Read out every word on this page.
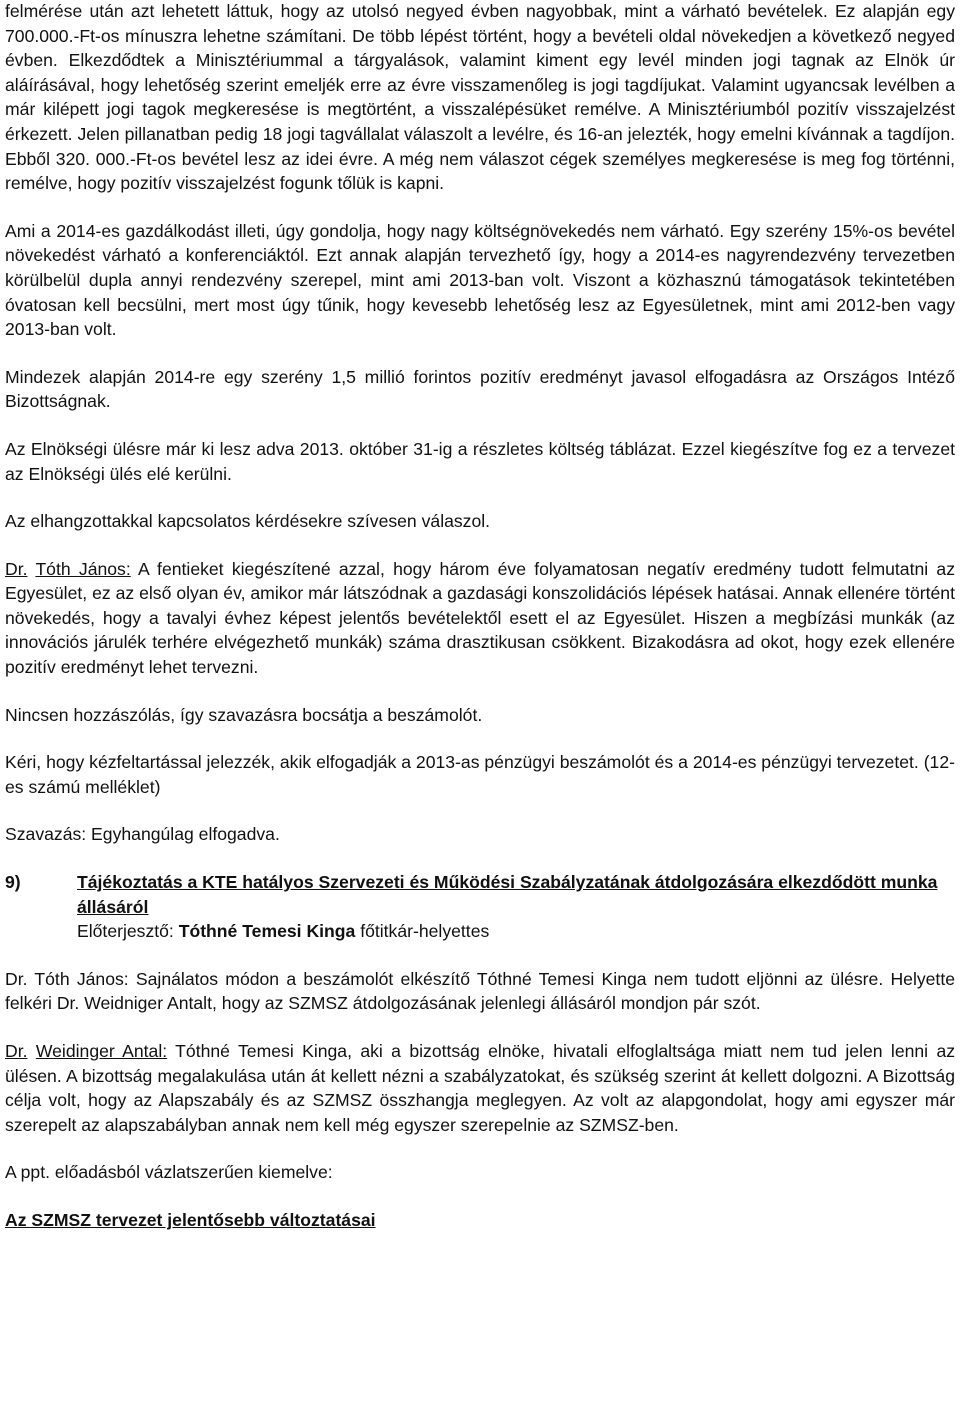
felmérése után azt lehetett láttuk, hogy az utolsó negyed évben nagyobbak, mint a várható bevételek. Ez alapján egy 700.000.-Ft-os mínuszra lehetne számítani. De több lépést történt, hogy a bevételi oldal növekedjen a következő negyed évben. Elkezdődtek a Minisztériummal a tárgyalások, valamint kiment egy levél minden jogi tagnak az Elnök úr aláírásával, hogy lehetőség szerint emeljék erre az évre visszamenőleg is jogi tagdíjukat. Valamint ugyancsak levélben a már kilépett jogi tagok megkeresése is megtörtént, a visszalépésüket remélve. A Minisztériumból pozitív visszajelzést érkezett. Jelen pillanatban pedig 18 jogi tagvállalat válaszolt a levélre, és 16-an jelezték, hogy emelni kívánnak a tagdíjon. Ebből 320. 000.-Ft-os bevétel lesz az idei évre. A még nem válaszot cégek személyes megkeresése is meg fog történni, remélve, hogy pozitív visszajelzést fogunk tőlük is kapni.

Ami a 2014-es gazdálkodást illeti, úgy gondolja, hogy nagy költségnövekedés nem várható. Egy szerény 15%-os bevétel növekedést várható a konferenciáktól. Ezt annak alapján tervezhető így, hogy a 2014-es nagyrendezvény tervezetben körülbelül dupla annyi rendezvény szerepel, mint ami 2013-ban volt. Viszont a közhasznú támogatások tekintetében óvatosan kell becsülni, mert most úgy tűnik, hogy kevesebb lehetőség lesz az Egyesületnek, mint ami 2012-ben vagy 2013-ban volt.

Mindezek alapján 2014-re egy szerény 1,5 millió forintos pozitív eredményt javasol elfogadásra az Országos Intéző Bizottságnak.

Az Elnökségi ülésre már ki lesz adva 2013. október 31-ig a részletes költség táblázat. Ezzel kiegészítve fog ez a tervezet az Elnökségi ülés elé kerülni.

Az elhangzottakkal kapcsolatos kérdésekre szívesen válaszol.

Dr. Tóth János: A fentieket kiegészítené azzal, hogy három éve folyamatosan negatív eredmény tudott felmutatni az Egyesület, ez az első olyan év, amikor már látszódnak a gazdasági konszolidációs lépések hatásai. Annak ellenére történt növekedés, hogy a tavalyi évhez képest jelentős bevételektől esett el az Egyesület. Hiszen a megbízási munkák (az innovációs járulék terhére elvégezhető munkák) száma drasztikusan csökkent. Bizakodásra ad okot, hogy ezek ellenére pozitív eredményt lehet tervezni.

Nincsen hozzászólás, így szavazásra bocsátja a beszámolót.

Kéri, hogy kézfeltartással jelezzék, akik elfogadják a 2013-as pénzügyi beszámolót és a 2014-es pénzügyi tervezetet. (12-es számú melléklet)

Szavazás: Egyhangúlag elfogadva.

9)	Tájékoztatás a KTE hatályos Szervezeti és Működési Szabályzatának átdolgozására elkezdődött munka állásáról
Előterjesztő: Tóthné Temesi Kinga főtitkár-helyettes

Dr. Tóth János: Sajnálatos módon a beszámolót elkészítő Tóthné Temesi Kinga nem tudott eljönni az ülésre. Helyette felkéri Dr. Weidniger Antalt, hogy az SZMSZ átdolgozásának jelenlegi állásáról mondjon pár szót.

Dr. Weidinger Antal: Tóthné Temesi Kinga, aki a bizottság elnöke, hivatali elfoglaltsága miatt nem tud jelen lenni az ülésen. A bizottság megalakulása után át kellett nézni a szabályzatokat, és szükség szerint át kellett dolgozni. A Bizottság célja volt, hogy az Alapszabály és az SZMSZ összhangja meglegyen. Az volt az alapgondolat, hogy ami egyszer már szerepelt az alapszabályban annak nem kell még egyszer szerepelnie az SZMSZ-ben.

A ppt. előadásból vázlatszerűen kiemelve:

Az SZMSZ tervezet jelentősebb változtatásai
